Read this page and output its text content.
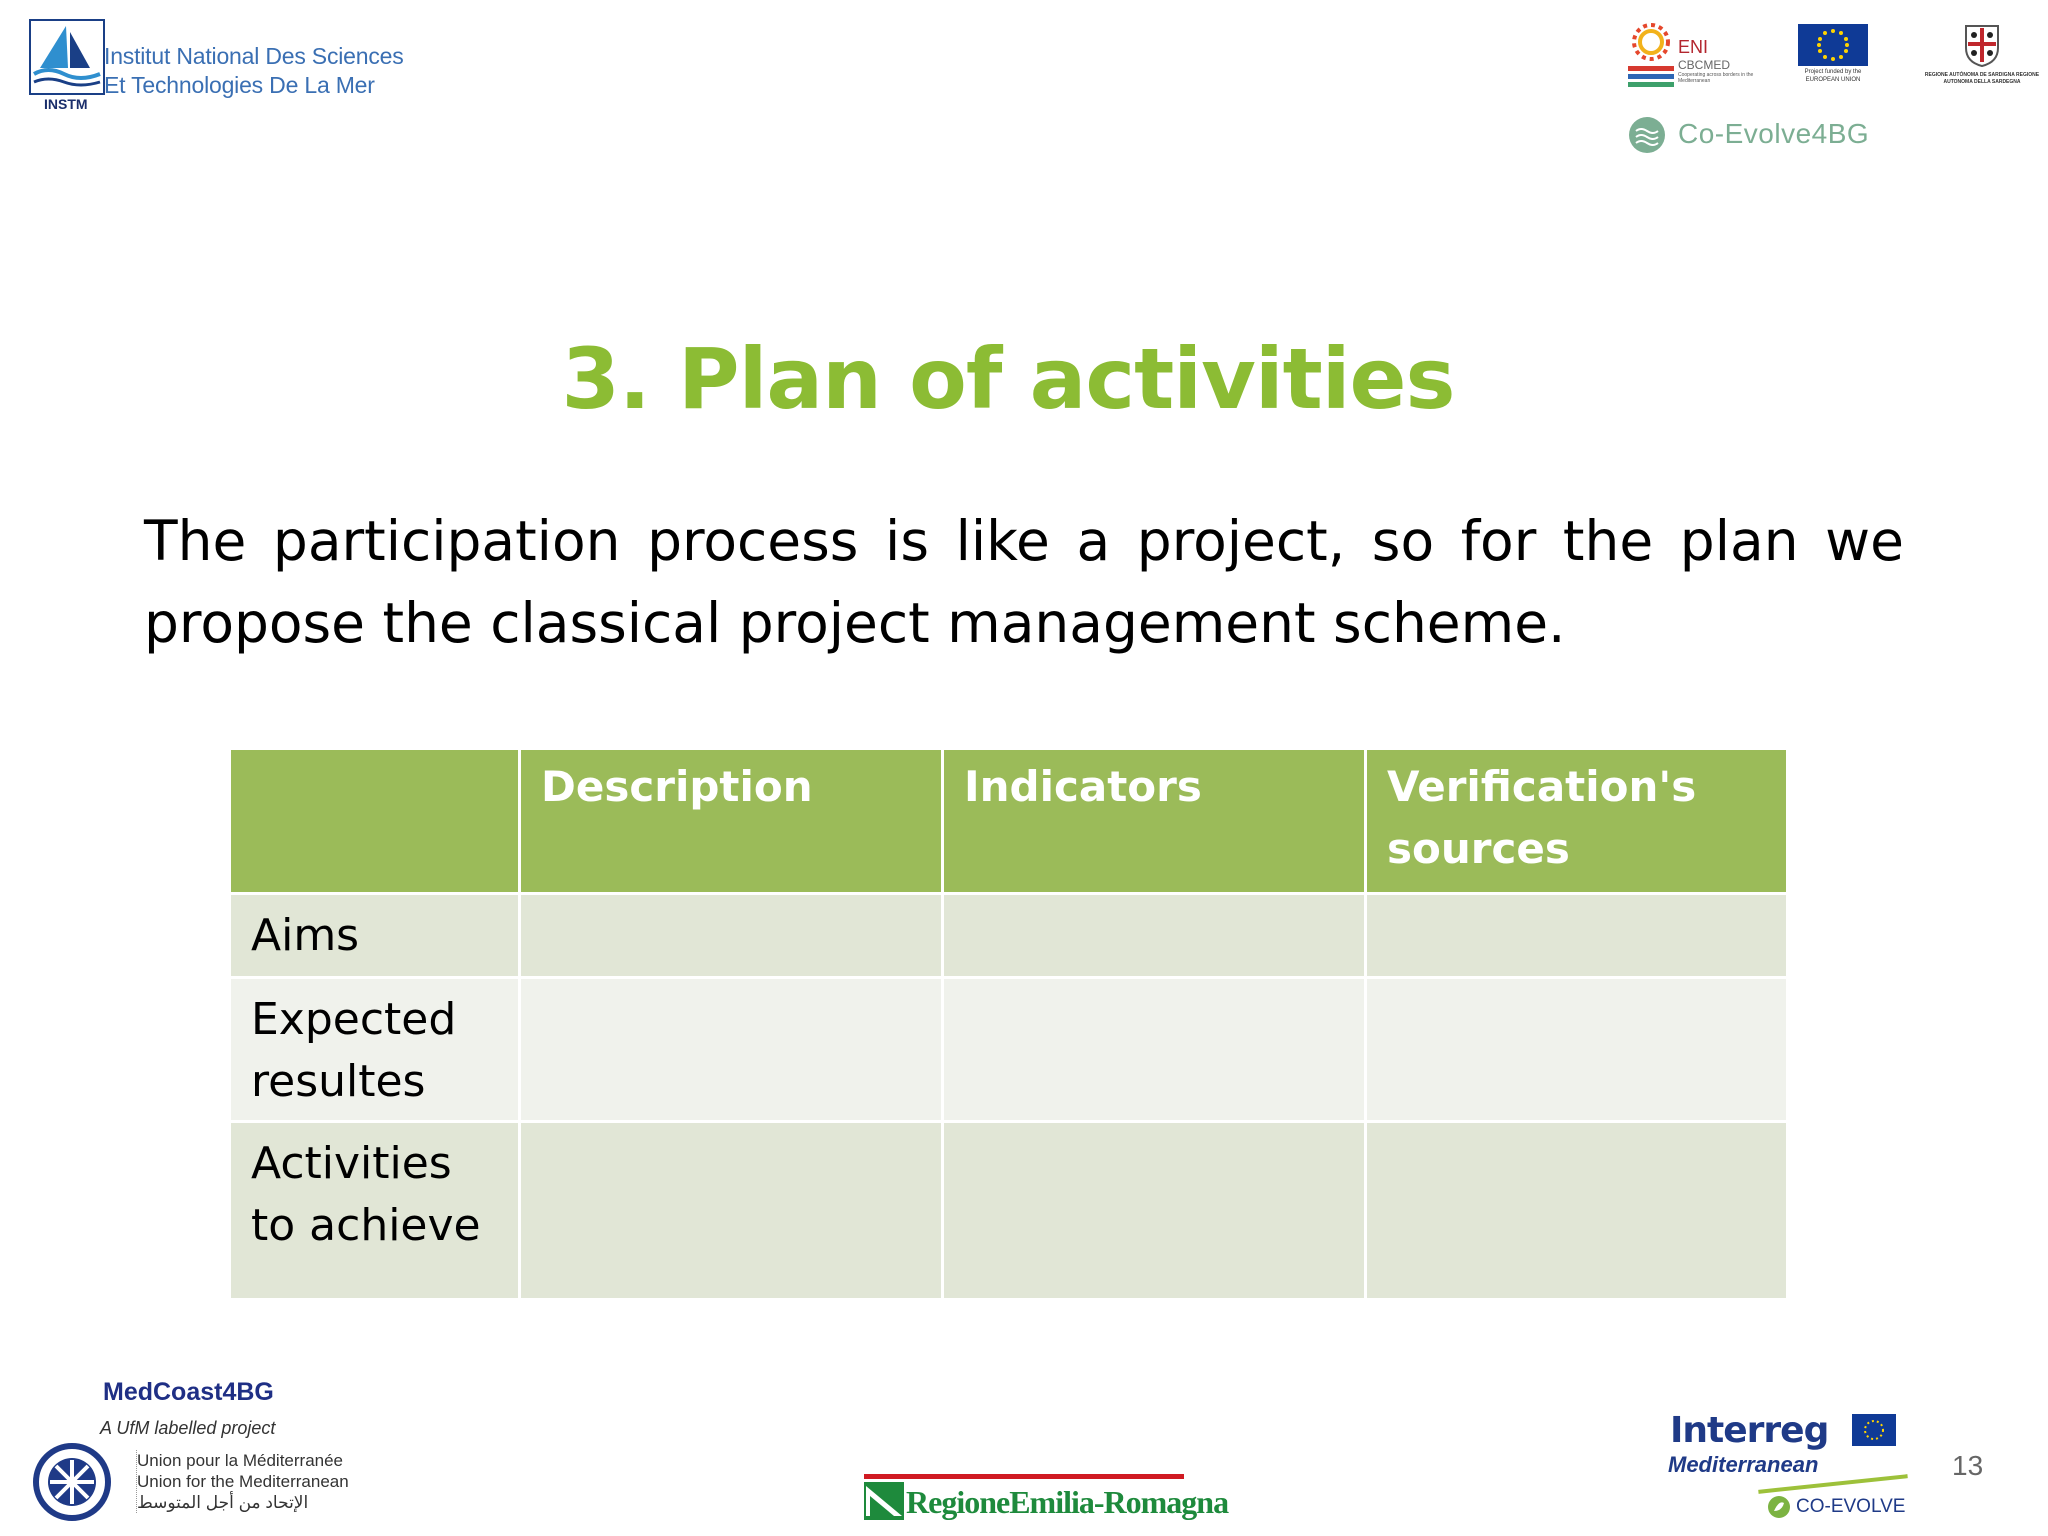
Institut National Des Sciences
Et Technologies De La Mer
INSTM
ENI
CBCMED
Cooperating across borders in the Mediterranean
Project funded by the EUROPEAN UNION
REGIONE AUTÓNOMA DE SARDIGNA REGIONE AUTONOMA DELLA SARDEGNA
Co-Evolve4BG
3. Plan of activities
The participation process is like a project, so for the plan we propose the classical project management scheme.
	Description	Indicators	Verification's sources
Aims			
Expected resultes			
Activities to achieve			
MedCoast4BG
A UfM labelled project
Union pour la Méditerranée
Union for the Mediterranean
الإتحاد من أجل المتوسط	RegioneEmilia-Romagna
Interreg
Mediterranean
CO-EVOLVE
13
